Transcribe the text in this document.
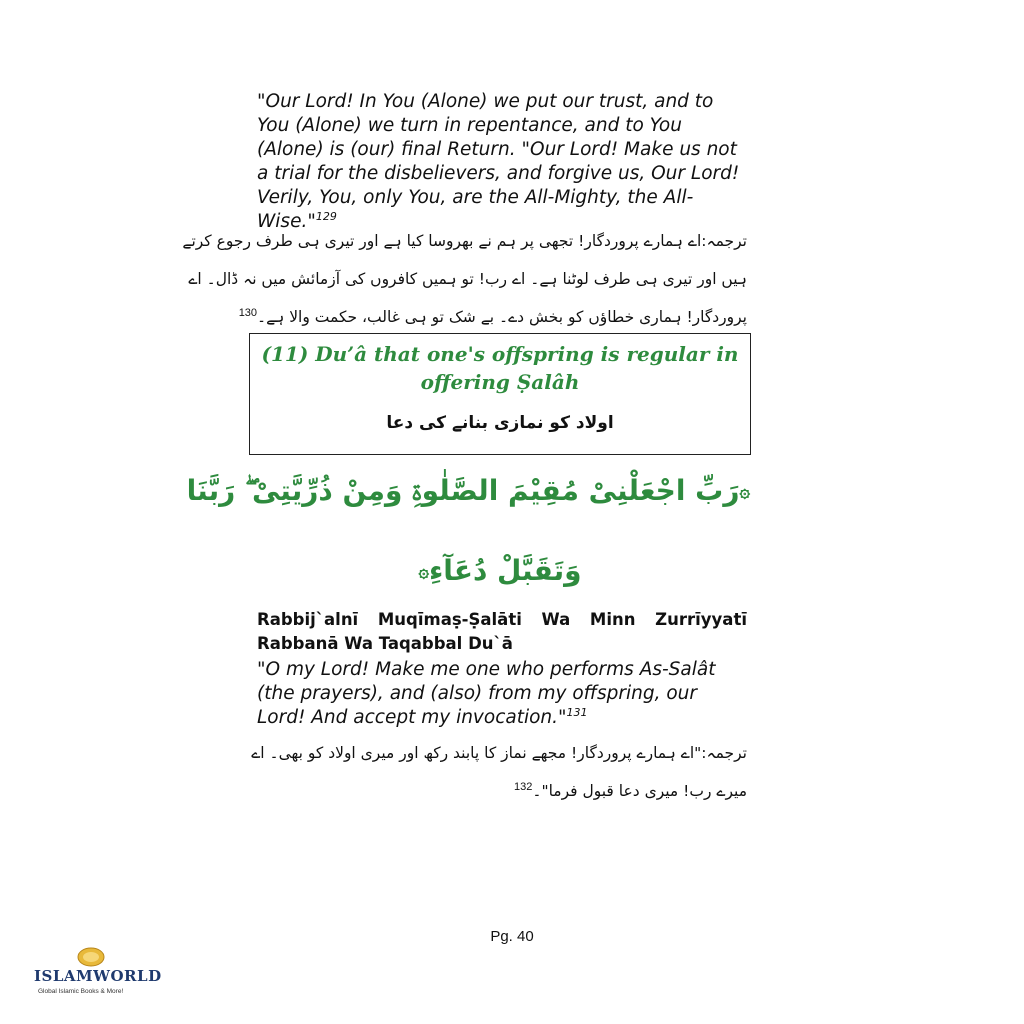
"Our Lord! In You (Alone) we put our trust, and to You (Alone) we turn in repentance, and to You (Alone) is (our) final Return. "Our Lord! Make us not a trial for the disbelievers, and forgive us, Our Lord! Verily, You, only You, are the All-Mighty, the All-Wise."$^{129}$

ترجمہ:اے ہمارے پروردگار! تجھی پر ہم نے بھروسا کیا ہے اور تیری ہی طرف رجوع کرتے
ہیں اور تیری ہی طرف لوٹنا ہے۔ اے رب! تو ہمیں کافروں کی آزمائش میں نہ ڈال۔ اے
پروردگار! ہماری خطاؤں کو بخش دے۔ بے شک تو ہی غالب، حکمت والا ہے۔$^{130}$
(11) Du’â that one's offspring is regular in
offering Ṣalâh
اولاد کو نمازی بنانے کی دعا
۞رَبِّ اجْعَلْنِیْ مُقِیْمَ الصَّلٰوۃِ وَمِنْ ذُرِّیَّتِیْ ۖ رَبَّنَا
وَتَقَبَّلْ دُعَآءِ۞

Rabbij`alnī Muqīmaṣ-Ṣalāti Wa Minn Zurrīyyatī Rabbanā Wa Taqabbal Du`ā

"O my Lord! Make me one who performs As-Salât (the prayers), and (also) from my offspring, our Lord! And accept my invocation."$^{131}$

ترجمہ:"اے ہمارے پروردگار! مجھے نماز کا پابند رکھ اور میری اولاد کو بھی۔ اے
میرے رب! میری دعا قبول فرما"۔$^{132}$
Pg. 40
ISLAMWORLD
Global Islamic Books & More!
